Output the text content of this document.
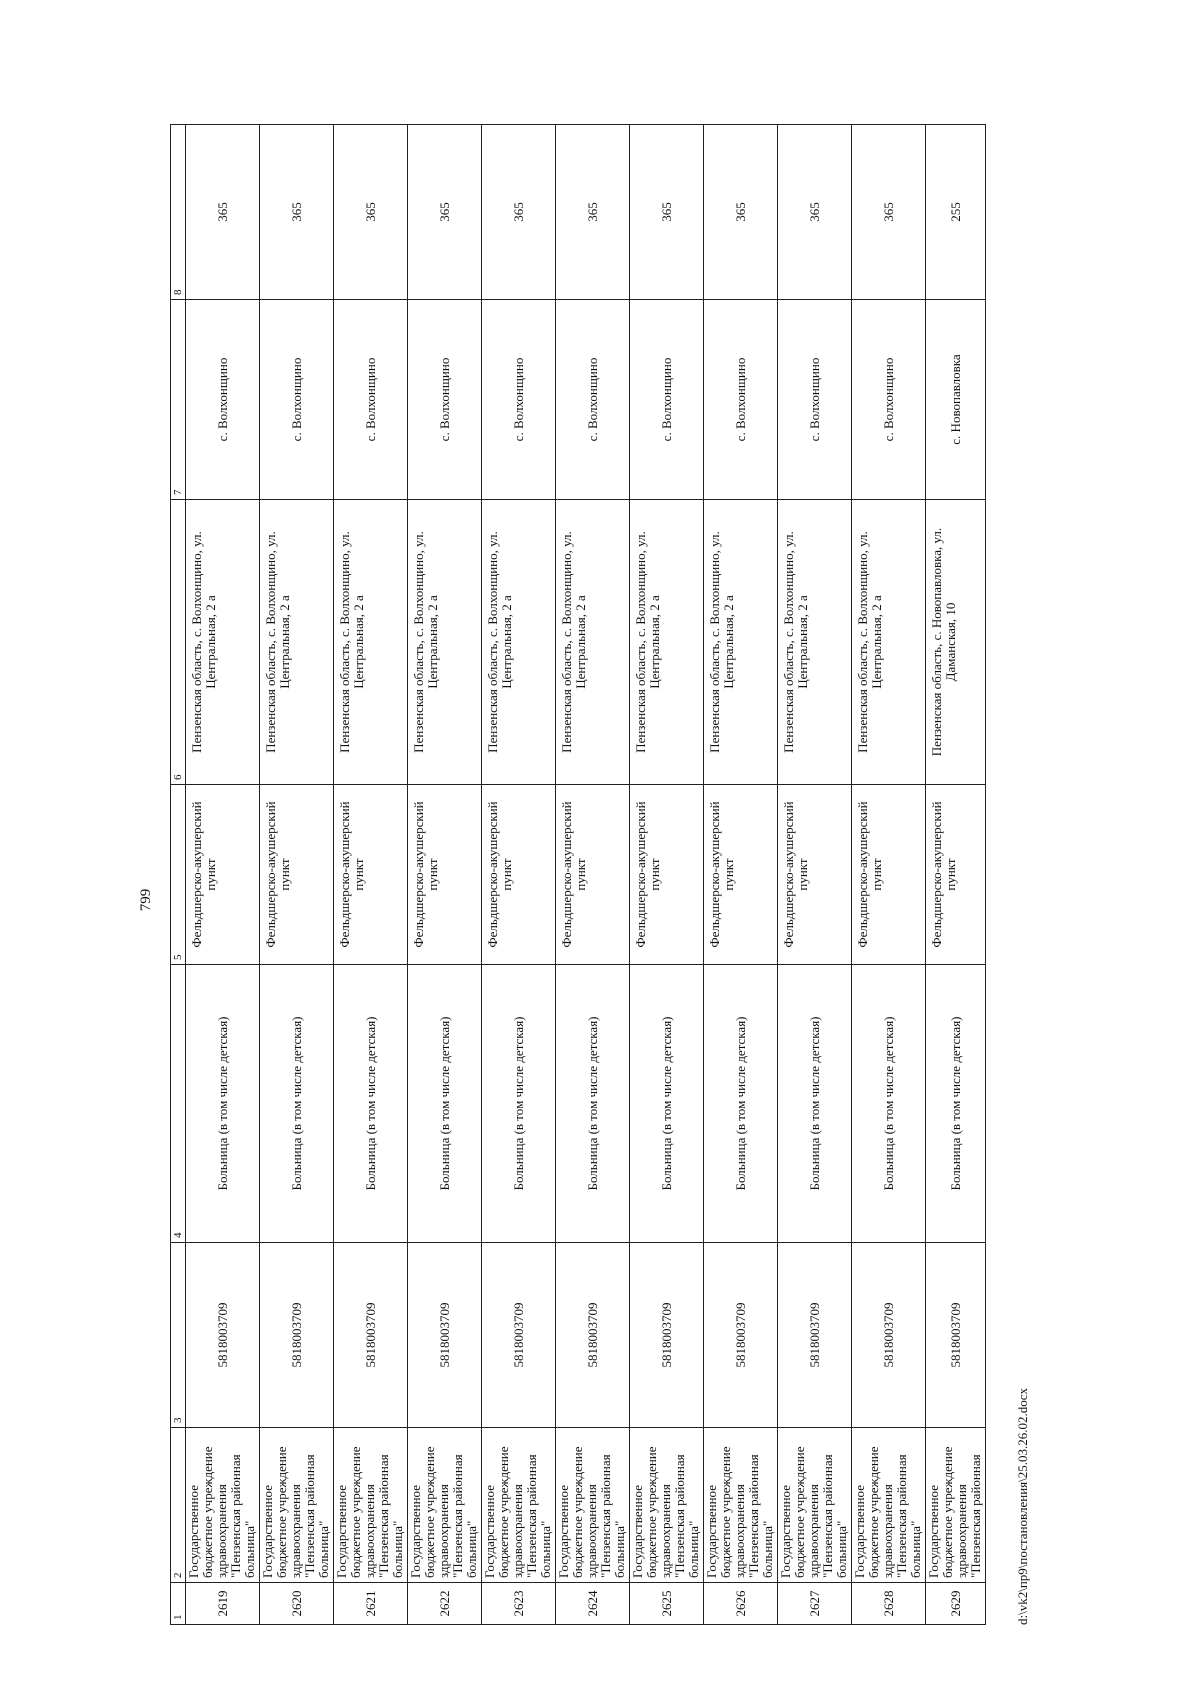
799
1	2	3	4	5	6	7	8
2619	Государственное бюджетное учреждение здравоохранения "Пензенская районная больница"	5818003709	Больница (в том числе детская)	Фельдшерско-акушерский пункт	Пензенская область, с. Волхонщино, ул. Центральная, 2 а	с. Волхонщино	365
2620	Государственное бюджетное учреждение здравоохранения "Пензенская районная больница"	5818003709	Больница (в том числе детская)	Фельдшерско-акушерский пункт	Пензенская область, с. Волхонщино, ул. Центральная, 2 а	с. Волхонщино	365
2621	Государственное бюджетное учреждение здравоохранения "Пензенская районная больница"	5818003709	Больница (в том числе детская)	Фельдшерско-акушерский пункт	Пензенская область, с. Волхонщино, ул. Центральная, 2 а	с. Волхонщино	365
2622	Государственное бюджетное учреждение здравоохранения "Пензенская районная больница"	5818003709	Больница (в том числе детская)	Фельдшерско-акушерский пункт	Пензенская область, с. Волхонщино, ул. Центральная, 2 а	с. Волхонщино	365
2623	Государственное бюджетное учреждение здравоохранения "Пензенская районная больница"	5818003709	Больница (в том числе детская)	Фельдшерско-акушерский пункт	Пензенская область, с. Волхонщино, ул. Центральная, 2 а	с. Волхонщино	365
2624	Государственное бюджетное учреждение здравоохранения "Пензенская районная больница"	5818003709	Больница (в том числе детская)	Фельдшерско-акушерский пункт	Пензенская область, с. Волхонщино, ул. Центральная, 2 а	с. Волхонщино	365
2625	Государственное бюджетное учреждение здравоохранения "Пензенская районная больница"	5818003709	Больница (в том числе детская)	Фельдшерско-акушерский пункт	Пензенская область, с. Волхонщино, ул. Центральная, 2 а	с. Волхонщино	365
2626	Государственное бюджетное учреждение здравоохранения "Пензенская районная больница"	5818003709	Больница (в том числе детская)	Фельдшерско-акушерский пункт	Пензенская область, с. Волхонщино, ул. Центральная, 2 а	с. Волхонщино	365
2627	Государственное бюджетное учреждение здравоохранения "Пензенская районная больница"	5818003709	Больница (в том числе детская)	Фельдшерско-акушерский пункт	Пензенская область, с. Волхонщино, ул. Центральная, 2 а	с. Волхонщино	365
2628	Государственное бюджетное учреждение здравоохранения "Пензенская районная больница"	5818003709	Больница (в том числе детская)	Фельдшерско-акушерский пункт	Пензенская область, с. Волхонщино, ул. Центральная, 2 а	с. Волхонщино	365
2629	Государственное бюджетное учреждение здравоохранения "Пензенская районная	5818003709	Больница (в том числе детская)	Фельдшерско-акушерский пункт	Пензенская область, с. Новопавловка, ул. Даманская, 10	с. Новопавловка	255
d:\vk2\пр9\постановления\25.03.26.02.docx
